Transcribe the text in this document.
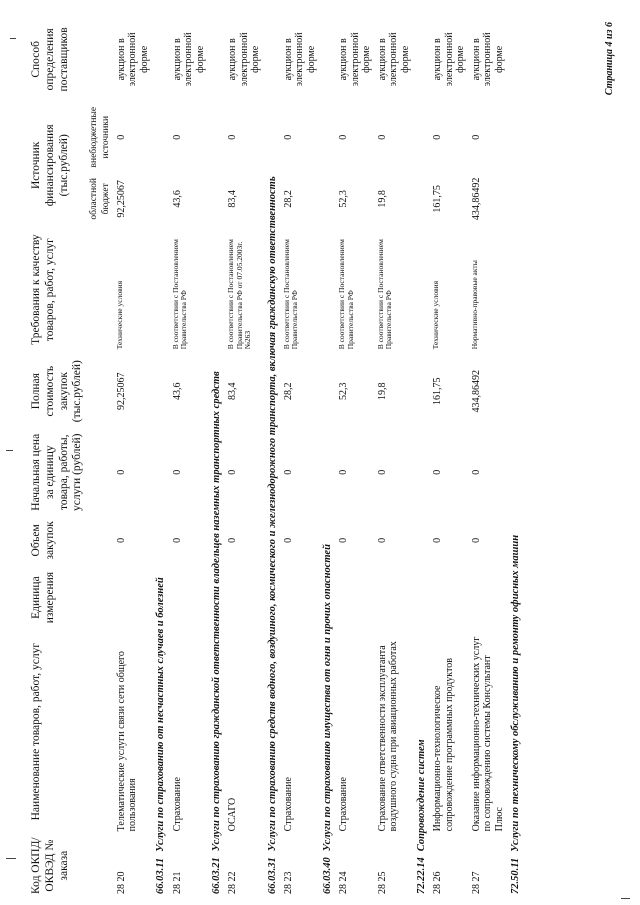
Код ОКПД/ ОКВЭД № заказа	Наименование товаров, работ, услуг	Единица измерения	Объем закупок	Начальная цена за единицу товара, работы, услуги (рублей)	Полная стоимость закупок (тыс.рублей)	Требования к качеству товаров, работ, услуг	Источник финансирования (тыс.рублей)		Способ определения поставщиков
							областной бюджет	внебюджетные источники	
28 20	Телематические услуги связи сети общего пользования		0	0	92,25067	Технические условия	92,25067	0	аукцион в электронной форме
66.03.11Услуги по страхованию от несчастных случаев и болезней									
28 21	Страхование		0	0	43,6	В соответствии с Постановлением Правительства РФ	43,6	0	аукцион в электронной форме
66.03.21Услуги по страхованию гражданской ответственности владельцев наземных транспортных средств									
28 22	ОСАГО		0	0	83,4	В соответствии с Постановлением Правительства РФ от 07.05.2003г.№263	83,4	0	аукцион в электронной форме
66.03.31Услуги по страхованию средств водного, воздушного, космического и железнодорожного транспорта, включая гражданскую ответственность									
28 23	Страхование		0	0	28,2	В соответствии с Постановлением Правительства РФ	28,2	0	аукцион в электронной форме
66.03.40Услуги по страхованию имущества от огня и прочих опасностей									
28 24	Страхование		0	0	52,3	В соответствии с Постановлением Правительства РФ	52,3	0	аукцион в электронной форме
28 25	Страхование ответственности эксплуатанта воздушного судна при авиационных работах		0	0	19,8	В соответствии с Постановлением Правительства РФ	19,8	0	аукцион в электронной форме
72.22.14Сопровождение систем									
28 26	Информационно-технологическое сопровождение программных продуктов		0	0	161,75	Технические условия	161,75	0	аукцион в электронной форме
28 27	Оказание информационно-технических услуг по сопровождению системы Консультант Плюс		0	0	434,86492	Нормативно-правовые акты	434,86492	0	аукцион в электронной форме
72.50.11Услуги по техническому обслуживанию и ремонту офисных машин									
Страница 4 из 6
